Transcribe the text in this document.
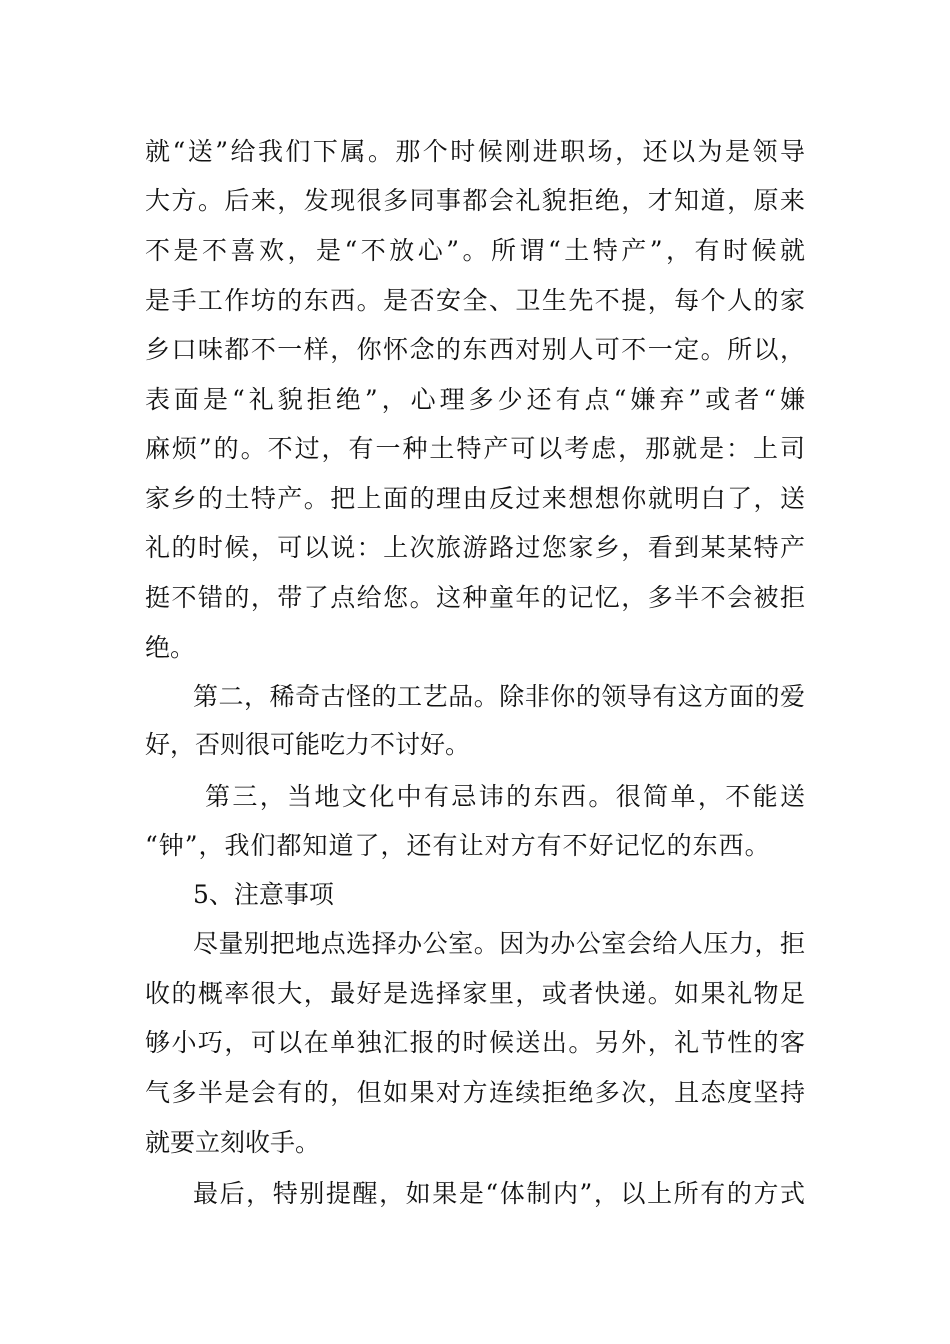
就“送”给我们下属。那个时候刚进职场，还以为是领导
大方。后来，发现很多同事都会礼貌拒绝，才知道，原来
不是不喜欢，是“不放心”。所谓“土特产”，有时候就
是手工作坊的东西。是否安全、卫生先不提，每个人的家
乡口味都不一样，你怀念的东西对别人可不一定。所以，
表面是“礼貌拒绝”，心理多少还有点“嫌弃”或者“嫌
麻烦”的。不过，有一种土特产可以考虑，那就是：上司
家乡的土特产。把上面的理由反过来想想你就明白了，送
礼的时候，可以说：上次旅游路过您家乡，看到某某特产
挺不错的，带了点给您。这种童年的记忆，多半不会被拒
绝。
第二，稀奇古怪的工艺品。除非你的领导有这方面的爱
好，否则很可能吃力不讨好。
第三，当地文化中有忌讳的东西。很简单，不能送
“钟”，我们都知道了，还有让对方有不好记忆的东西。
5、注意事项
尽量别把地点选择办公室。因为办公室会给人压力，拒
收的概率很大，最好是选择家里，或者快递。如果礼物足
够小巧，可以在单独汇报的时候送出。另外，礼节性的客
气多半是会有的，但如果对方连续拒绝多次，且态度坚持
就要立刻收手。
最后，特别提醒，如果是“体制内”，以上所有的方式
